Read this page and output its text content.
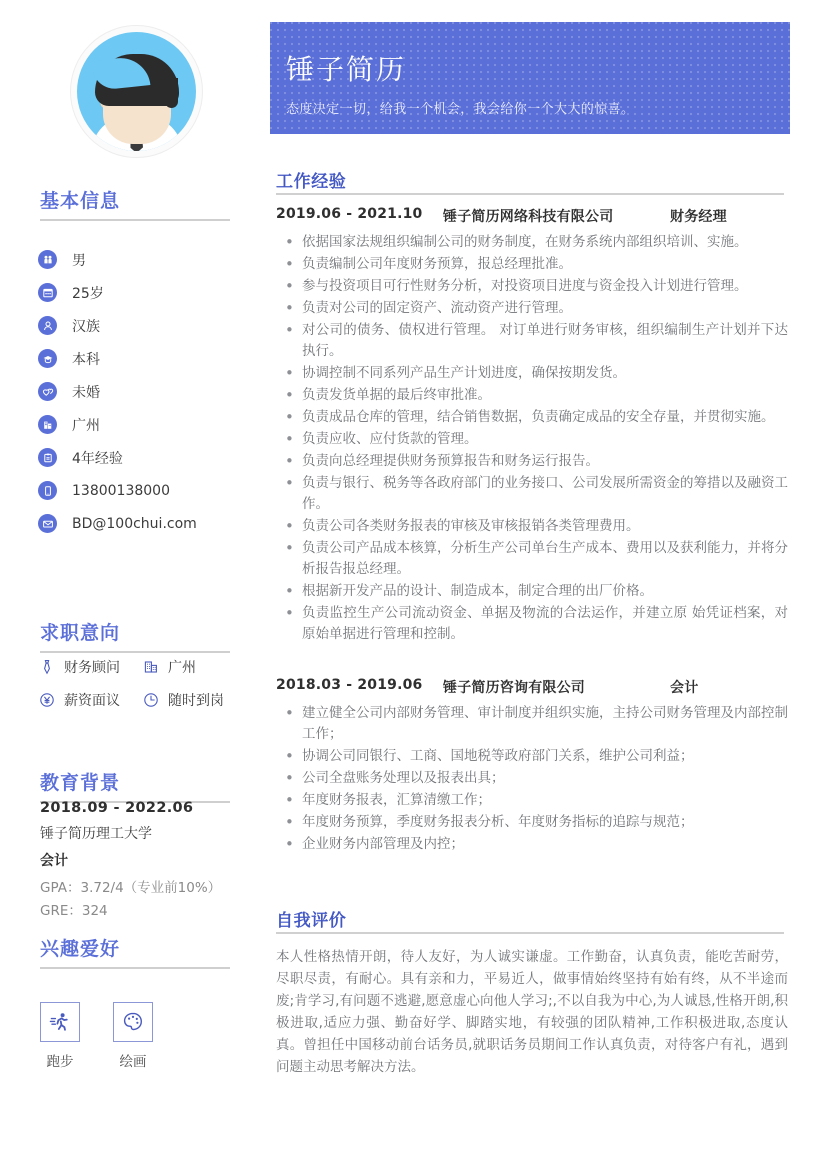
基本信息
男
25岁
汉族
本科
未婚
广州
4年经验
13800138000
BD@100chui.com
求职意向
财务顾问	广州
薪资面议	随时到岗
教育背景
2018.09 - 2022.06
锤子简历理工大学
会计
GPA：3.72/4（专业前10%）
GRE：324
兴趣爱好
跑步	绘画
锤子简历
态度决定一切，给我一个机会，我会给你一个大大的惊喜。
工作经验
2019.06 - 2021.10	锤子简历网络科技有限公司	财务经理
• 依据国家法规组织编制公司的财务制度，在财务系统内部组织培训、实施。
• 负责编制公司年度财务预算，报总经理批准。
• 参与投资项目可行性财务分析，对投资项目进度与资金投入计划进行管理。
• 负责对公司的固定资产、流动资产进行管理。
• 对公司的债务、债权进行管理。 对订单进行财务审核，组织编制生产计划并下达执行。
• 协调控制不同系列产品生产计划进度，确保按期发货。
• 负责发货单据的最后终审批准。
• 负责成品仓库的管理，结合销售数据，负责确定成品的安全存量，并贯彻实施。
• 负责应收、应付货款的管理。
• 负责向总经理提供财务预算报告和财务运行报告。
• 负责与银行、税务等各政府部门的业务接口、公司发展所需资金的筹措以及融资工作。
• 负责公司各类财务报表的审核及审核报销各类管理费用。
• 负责公司产品成本核算，分析生产公司单台生产成本、费用以及获利能力，并将分析报告报总经理。
• 根据新开发产品的设计、制造成本，制定合理的出厂价格。
• 负责监控生产公司流动资金、单据及物流的合法运作，并建立原 始凭证档案，对原始单据进行管理和控制。
2018.03 - 2019.06	锤子简历咨询有限公司	会计
• 建立健全公司内部财务管理、审计制度并组织实施，主持公司财务管理及内部控制工作；
• 协调公司同银行、工商、国地税等政府部门关系，维护公司利益；
• 公司全盘账务处理以及报表出具；
• 年度财务报表，汇算清缴工作；
• 年度财务预算，季度财务报表分析、年度财务指标的追踪与规范；
• 企业财务内部管理及内控；
自我评价
本人性格热情开朗，待人友好，为人诚实谦虚。工作勤奋，认真负责，能吃苦耐劳，尽职尽责，有耐心。具有亲和力，平易近人，做事情始终坚持有始有终，从不半途而废;肯学习,有问题不逃避,愿意虚心向他人学习;,不以自我为中心,为人诚恳,性格开朗,积极进取,适应力强、勤奋好学、脚踏实地，有较强的团队精神,工作积极进取,态度认真。曾担任中国移动前台话务员,就职话务员期间工作认真负责，对待客户有礼，遇到问题主动思考解决方法。
